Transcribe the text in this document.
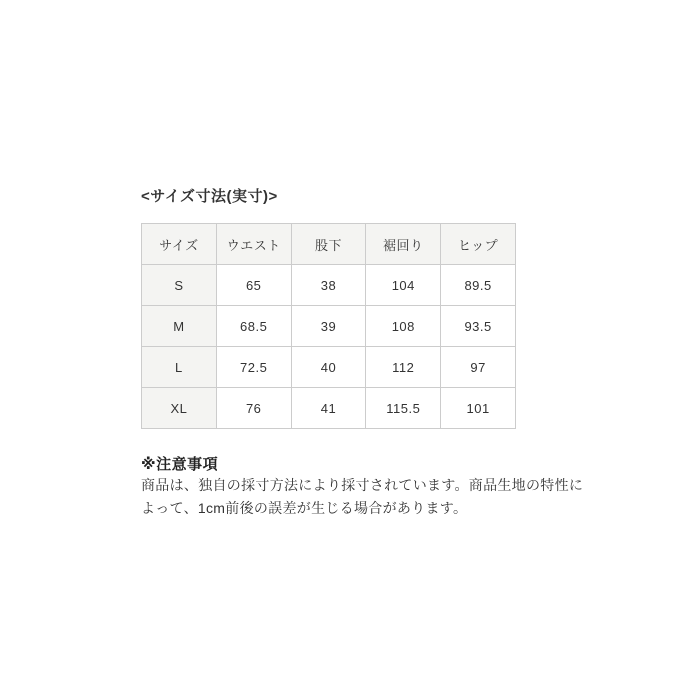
<サイズ寸法(実寸)>
サイズ	ウエスト	股下	裾回り	ヒップ
S	65	38	104	89.5
M	68.5	39	108	93.5
L	72.5	40	112	97
XL	76	41	115.5	101
※注意事項
商品は、独自の採寸方法により採寸されています。商品生地の特性に
よって、1cm前後の誤差が生じる場合があります。
